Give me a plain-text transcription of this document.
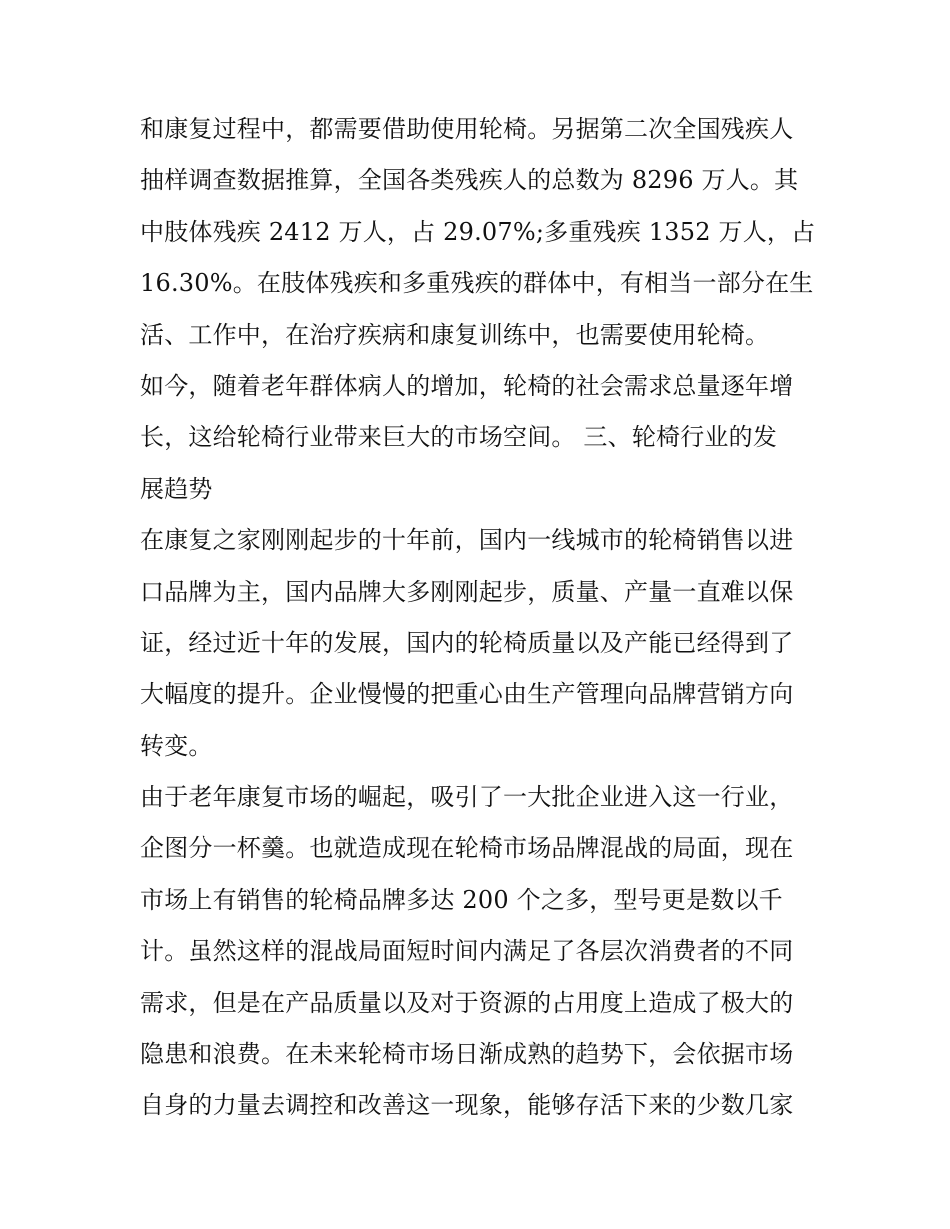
和康复过程中，都需要借助使用轮椅。另据第二次全国残疾人
抽样调查数据推算，全国各类残疾人的总数为 8296 万人。其
中肢体残疾 2412 万人，占 29.07%;多重残疾 1352 万人，占
16.30%。在肢体残疾和多重残疾的群体中，有相当一部分在生
活、工作中，在治疗疾病和康复训练中，也需要使用轮椅。
如今，随着老年群体病人的增加，轮椅的社会需求总量逐年增
长，这给轮椅行业带来巨大的市场空间。 三、轮椅行业的发
展趋势
在康复之家刚刚起步的十年前，国内一线城市的轮椅销售以进
口品牌为主，国内品牌大多刚刚起步，质量、产量一直难以保
证，经过近十年的发展，国内的轮椅质量以及产能已经得到了
大幅度的提升。企业慢慢的把重心由生产管理向品牌营销方向
转变。
由于老年康复市场的崛起，吸引了一大批企业进入这一行业，
企图分一杯羹。也就造成现在轮椅市场品牌混战的局面，现在
市场上有销售的轮椅品牌多达 200 个之多，型号更是数以千
计。虽然这样的混战局面短时间内满足了各层次消费者的不同
需求，但是在产品质量以及对于资源的占用度上造成了极大的
隐患和浪费。在未来轮椅市场日渐成熟的趋势下，会依据市场
自身的力量去调控和改善这一现象，能够存活下来的少数几家
